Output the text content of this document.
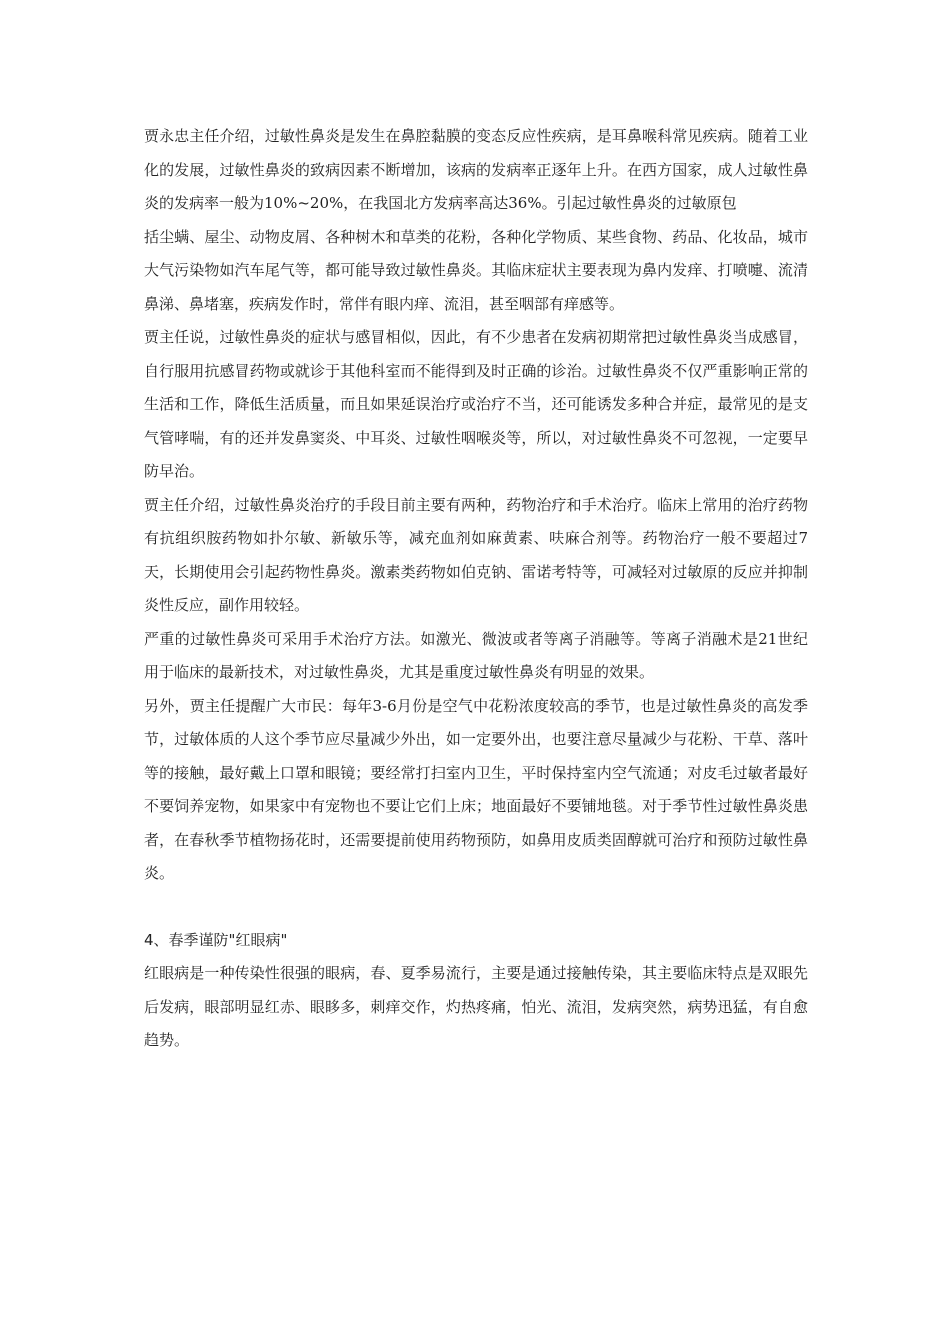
贾永忠主任介绍，过敏性鼻炎是发生在鼻腔黏膜的变态反应性疾病，是耳鼻喉科常见疾病。随着工业化的发展，过敏性鼻炎的致病因素不断增加，该病的发病率正逐年上升。在西方国家，成人过敏性鼻炎的发病率一般为10%~20%，在我国北方发病率高达36%。引起过敏性鼻炎的过敏原包

括尘螨、屋尘、动物皮屑、各种树木和草类的花粉，各种化学物质、某些食物、药品、化妆品，城市大气污染物如汽车尾气等，都可能导致过敏性鼻炎。其临床症状主要表现为鼻内发痒、打喷嚏、流清鼻涕、鼻堵塞，疾病发作时，常伴有眼内痒、流泪，甚至咽部有痒感等。

贾主任说，过敏性鼻炎的症状与感冒相似，因此，有不少患者在发病初期常把过敏性鼻炎当成感冒，自行服用抗感冒药物或就诊于其他科室而不能得到及时正确的诊治。过敏性鼻炎不仅严重影响正常的生活和工作，降低生活质量，而且如果延误治疗或治疗不当，还可能诱发多种合并症，最常见的是支气管哮喘，有的还并发鼻窦炎、中耳炎、过敏性咽喉炎等，所以，对过敏性鼻炎不可忽视，一定要早防早治。

贾主任介绍，过敏性鼻炎治疗的手段目前主要有两种，药物治疗和手术治疗。临床上常用的治疗药物有抗组织胺药物如扑尔敏、新敏乐等，减充血剂如麻黄素、呋麻合剂等。药物治疗一般不要超过7天，长期使用会引起药物性鼻炎。激素类药物如伯克钠、雷诺考特等，可减轻对过敏原的反应并抑制炎性反应，副作用较轻。

严重的过敏性鼻炎可采用手术治疗方法。如激光、微波或者等离子消融等。等离子消融术是21世纪用于临床的最新技术，对过敏性鼻炎，尤其是重度过敏性鼻炎有明显的效果。

另外，贾主任提醒广大市民：每年3-6月份是空气中花粉浓度较高的季节，也是过敏性鼻炎的高发季节，过敏体质的人这个季节应尽量减少外出，如一定要外出，也要注意尽量减少与花粉、干草、落叶等的接触，最好戴上口罩和眼镜；要经常打扫室内卫生，平时保持室内空气流通；对皮毛过敏者最好不要饲养宠物，如果家中有宠物也不要让它们上床；地面最好不要铺地毯。对于季节性过敏性鼻炎患者，在春秋季节植物扬花时，还需要提前使用药物预防，如鼻用皮质类固醇就可治疗和预防过敏性鼻炎。

4、春季谨防"红眼病"

红眼病是一种传染性很强的眼病，春、夏季易流行，主要是通过接触传染，其主要临床特点是双眼先后发病，眼部明显红赤、眼眵多，刺痒交作，灼热疼痛，怕光、流泪，发病突然，病势迅猛，有自愈趋势。
